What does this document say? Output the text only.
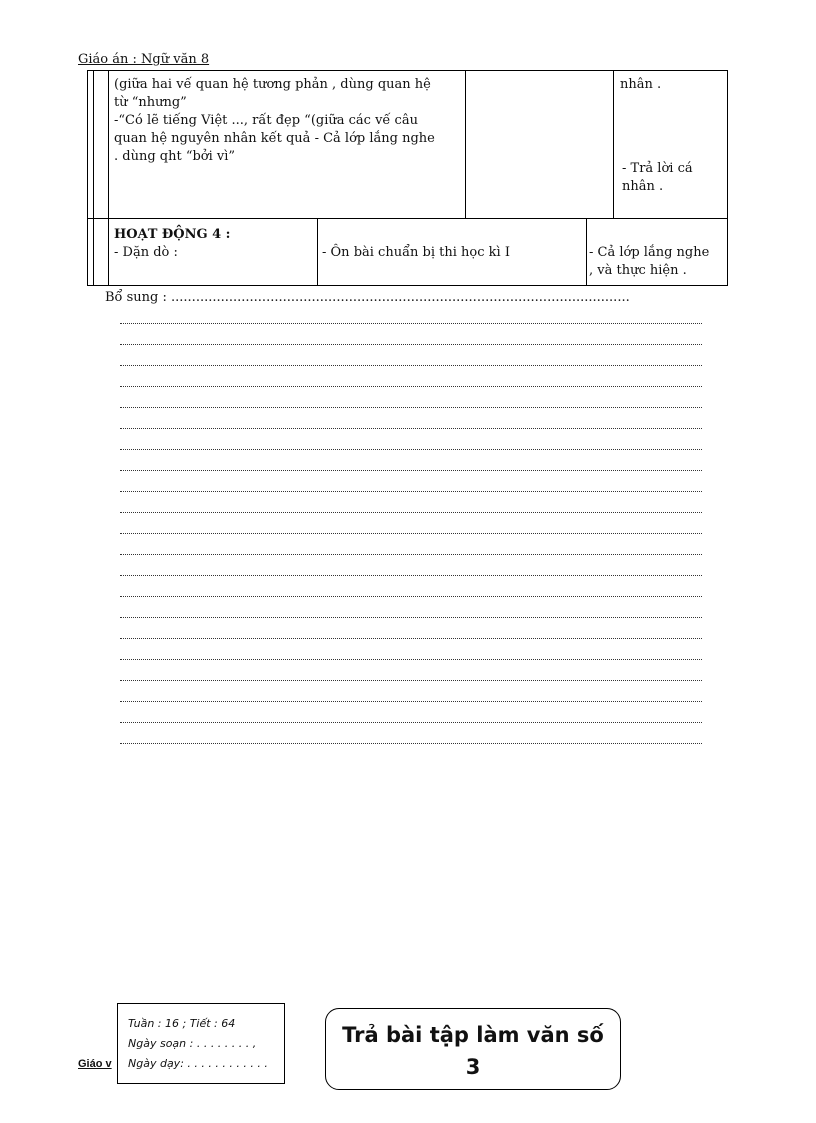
Giáo án : Ngữ văn 8
(giữa hai vế quan hệ tương phản , dùng quan hệ
từ “nhưng”
-“Có lẽ tiếng Việt ..., rất đẹp “(giữa các vế câu
quan hệ nguyên nhân kết quả - Cả lớp lắng nghe
. dùng qht “bởi vì”
nhân .
- Trả lời cá
nhân .
HOẠT ĐỘNG 4 :
- Dặn dò :	- Ôn bài chuẩn bị thi học kì I	- Cả lớp lắng nghe
, và thực hiện .
Bổ sung : ...............................................................................................................
Giáo v
Tuần : 16 ; Tiết : 64
Ngày soạn : . . . . . . . . ,
Ngày dạy: . . . . . . . . . . . .
Trả bài tập làm văn số
3
